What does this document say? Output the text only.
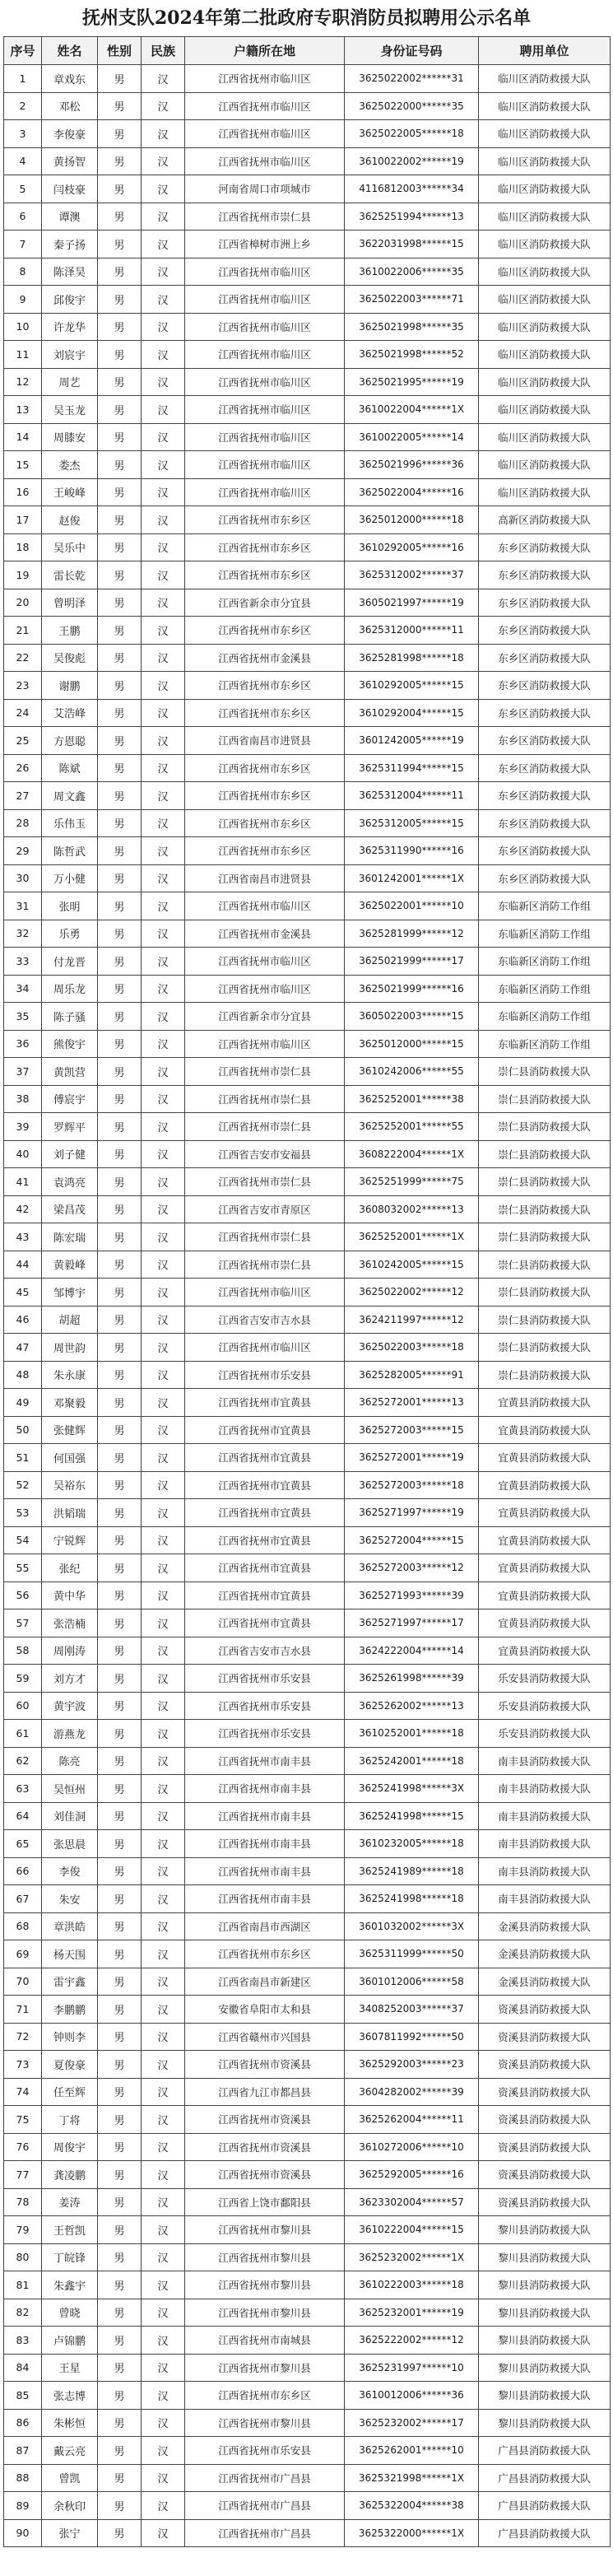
抚州支队2024年第二批政府专职消防员拟聘用公示名单
序号	姓名	性别	民族	户籍所在地	身份证号码	聘用单位
1	章戏东	男	汉	江西省抚州市临川区	3625022002******31	临川区消防救援大队
2	邓松	男	汉	江西省抚州市临川区	3625022000******35	临川区消防救援大队
3	李俊豪	男	汉	江西省抚州市临川区	3625022005******18	临川区消防救援大队
4	黄扬智	男	汉	江西省抚州市临川区	3610022002******19	临川区消防救援大队
5	闫枝豪	男	汉	河南省周口市项城市	4116812003******34	临川区消防救援大队
6	谭澳	男	汉	江西省抚州市崇仁县	3625251994******13	临川区消防救援大队
7	秦子扬	男	汉	江西省樟树市洲上乡	3622031998******15	临川区消防救援大队
8	陈泽昊	男	汉	江西省抚州市临川区	3610022006******35	临川区消防救援大队
9	邱俊宇	男	汉	江西省抚州市临川区	3625022003******71	临川区消防救援大队
10	许龙华	男	汉	江西省抚州市临川区	3625021998******35	临川区消防救援大队
11	刘宸宇	男	汉	江西省抚州市临川区	3625021998******52	临川区消防救援大队
12	周艺	男	汉	江西省抚州市临川区	3625021995******19	临川区消防救援大队
13	吴玉龙	男	汉	江西省抚州市临川区	3610022004******1X	临川区消防救援大队
14	周膝安	男	汉	江西省抚州市临川区	3610022005******14	临川区消防救援大队
15	娄杰	男	汉	江西省抚州市临川区	3625021996******36	临川区消防救援大队
16	王峻峰	男	汉	江西省抚州市临川区	3625022004******16	临川区消防救援大队
17	赵俊	男	汉	江西省抚州市东乡区	3625012000******18	高新区消防救援大队
18	吴乐中	男	汉	江西省抚州市东乡区	3610292005******16	东乡区消防救援大队
19	雷长乾	男	汉	江西省抚州市东乡区	3625312002******37	东乡区消防救援大队
20	曾明泽	男	汉	江西省新余市分宜县	3605021997******19	东乡区消防救援大队
21	王鹏	男	汉	江西省抚州市东乡区	3625312000******11	东乡区消防救援大队
22	吴俊彪	男	汉	江西省抚州市金溪县	3625281998******18	东乡区消防救援大队
23	谢鹏	男	汉	江西省抚州市东乡区	3610292005******15	东乡区消防救援大队
24	艾浩峰	男	汉	江西省抚州市东乡区	3610292004******15	东乡区消防救援大队
25	方恩聪	男	汉	江西省南昌市进贤县	3601242005******19	东乡区消防救援大队
26	陈斌	男	汉	江西省抚州市东乡区	3625311994******15	东乡区消防救援大队
27	周文鑫	男	汉	江西省抚州市东乡区	3625312004******11	东乡区消防救援大队
28	乐伟玉	男	汉	江西省抚州市东乡区	3625312005******15	东乡区消防救援大队
29	陈哲武	男	汉	江西省抚州市东乡区	3625311990******16	东乡区消防救援大队
30	万小健	男	汉	江西省南昌市进贤县	3601242001******1X	东乡区消防救援大队
31	张明	男	汉	江西省抚州市临川区	3625022001******10	东临新区消防工作组
32	乐勇	男	汉	江西省抚州市金溪县	3625281999******12	东临新区消防工作组
33	付龙晋	男	汉	江西省抚州市临川区	3625021999******17	东临新区消防工作组
34	周乐龙	男	汉	江西省抚州市临川区	3625021999******16	东临新区消防工作组
35	陈子骚	男	汉	江西省新余市分宜县	3605022003******15	东临新区消防工作组
36	熊俊宇	男	汉	江西省抚州市临川区	3625012000******15	东临新区消防工作组
37	黄凯营	男	汉	江西省抚州市崇仁县	3610242006******55	崇仁县消防救援大队
38	傅宸宇	男	汉	江西省抚州市崇仁县	3625252001******38	崇仁县消防救援大队
39	罗辉平	男	汉	江西省抚州市崇仁县	3625252001******55	崇仁县消防救援大队
40	刘子健	男	汉	江西省吉安市安福县	3608222004******1X	崇仁县消防救援大队
41	袁鸿亮	男	汉	江西省抚州市崇仁县	3625251999******75	崇仁县消防救援大队
42	梁昌茂	男	汉	江西省吉安市青原区	3608032002******13	崇仁县消防救援大队
43	陈宏瑞	男	汉	江西省抚州市崇仁县	3625252001******1X	崇仁县消防救援大队
44	黄毅峰	男	汉	江西省抚州市崇仁县	3610242005******15	崇仁县消防救援大队
45	邹博宇	男	汉	江西省抚州市临川区	3625022002******12	崇仁县消防救援大队
46	胡超	男	汉	江西省吉安市吉水县	3624211997******12	崇仁县消防救援大队
47	周世韵	男	汉	江西省抚州市临川区	3625022003******18	崇仁县消防救援大队
48	朱永康	男	汉	江西省抚州市乐安县	3625282005******91	崇仁县消防救援大队
49	邓聚毅	男	汉	江西省抚州市宜黄县	3625272001******13	宜黄县消防救援大队
50	张健辉	男	汉	江西省抚州市宜黄县	3625272003******15	宜黄县消防救援大队
51	何国强	男	汉	江西省抚州市宜黄县	3625272001******19	宜黄县消防救援大队
52	吴裕东	男	汉	江西省抚州市宜黄县	3625272003******18	宜黄县消防救援大队
53	洪韬瑞	男	汉	江西省抚州市宜黄县	3625271997******19	宜黄县消防救援大队
54	宁锐辉	男	汉	江西省抚州市宜黄县	3625272004******15	宜黄县消防救援大队
55	张纪	男	汉	江西省抚州市宜黄县	3625272003******12	宜黄县消防救援大队
56	黄中华	男	汉	江西省抚州市宜黄县	3625271993******39	宜黄县消防救援大队
57	张浩楠	男	汉	江西省抚州市宜黄县	3625271997******17	宜黄县消防救援大队
58	周刚涛	男	汉	江西省吉安市吉水县	3624222004******14	宜黄县消防救援大队
59	刘方才	男	汉	江西省抚州市乐安县	3625261998******39	乐安县消防救援大队
60	黄宇波	男	汉	江西省抚州市乐安县	3625262002******13	乐安县消防救援大队
61	游燕龙	男	汉	江西省抚州市乐安县	3610252001******18	乐安县消防救援大队
62	陈亮	男	汉	江西省抚州市南丰县	3625242001******18	南丰县消防救援大队
63	吴恒州	男	汉	江西省抚州市南丰县	3625241998******3X	南丰县消防救援大队
64	刘佳洞	男	汉	江西省抚州市南丰县	3625241998******15	南丰县消防救援大队
65	张思晨	男	汉	江西省抚州市南丰县	3610232005******18	南丰县消防救援大队
66	李俊	男	汉	江西省抚州市南丰县	3625241989******18	南丰县消防救援大队
67	朱安	男	汉	江西省抚州市南丰县	3625241998******18	南丰县消防救援大队
68	章洪皓	男	汉	江西省南昌市西湖区	3601032002******3X	金溪县消防救援大队
69	杨天围	男	汉	江西省抚州市东乡区	3625311999******50	金溪县消防救援大队
70	雷宇鑫	男	汉	江西省南昌市新建区	3601012006******58	金溪县消防救援大队
71	李鹏鹏	男	汉	安徽省阜阳市太和县	3408252003******37	资溪县消防救援大队
72	钟则李	男	汉	江西省赣州市兴国县	3607811992******50	资溪县消防救援大队
73	夏俊豪	男	汉	江西省抚州市资溪县	3625292003******23	资溪县消防救援大队
74	任至辉	男	汉	江西省九江市都昌县	3604282002******39	资溪县消防救援大队
75	丁将	男	汉	江西省抚州市资溪县	3625262004******11	资溪县消防救援大队
76	周俊宇	男	汉	江西省抚州市资溪县	3610272006******10	资溪县消防救援大队
77	龚凌鹏	男	汉	江西省抚州市资溪县	3625292005******16	资溪县消防救援大队
78	姜涛	男	汉	江西省上饶市鄱阳县	3623302004******57	资溪县消防救援大队
79	王哲凯	男	汉	江西省抚州市黎川县	3610222004******15	黎川县消防救援大队
80	丁皖锋	男	汉	江西省抚州市黎川县	3625232002******1X	黎川县消防救援大队
81	朱鑫宇	男	汉	江西省抚州市黎川县	3610222003******18	黎川县消防救援大队
82	曾晓	男	汉	江西省抚州市黎川县	3625232001******19	黎川县消防救援大队
83	卢锦鹏	男	汉	江西省抚州市南城县	3625222002******12	黎川县消防救援大队
84	王星	男	汉	江西省抚州市黎川县	3625231997******10	黎川县消防救援大队
85	张志博	男	汉	江西省抚州市东乡区	3610012006******36	黎川县消防救援大队
86	朱彬恒	男	汉	江西省抚州市黎川县	3625232002******17	黎川县消防救援大队
87	戴云亮	男	汉	江西省抚州市乐安县	3625262001******10	广昌县消防救援大队
88	曾凯	男	汉	江西省抚州市广昌县	3625321998******1X	广昌县消防救援大队
89	余秋印	男	汉	江西省抚州市广昌县	3625322004******38	广昌县消防救援大队
90	张宁	男	汉	江西省抚州市广昌县	3625322000******1X	广昌县消防救援大队
